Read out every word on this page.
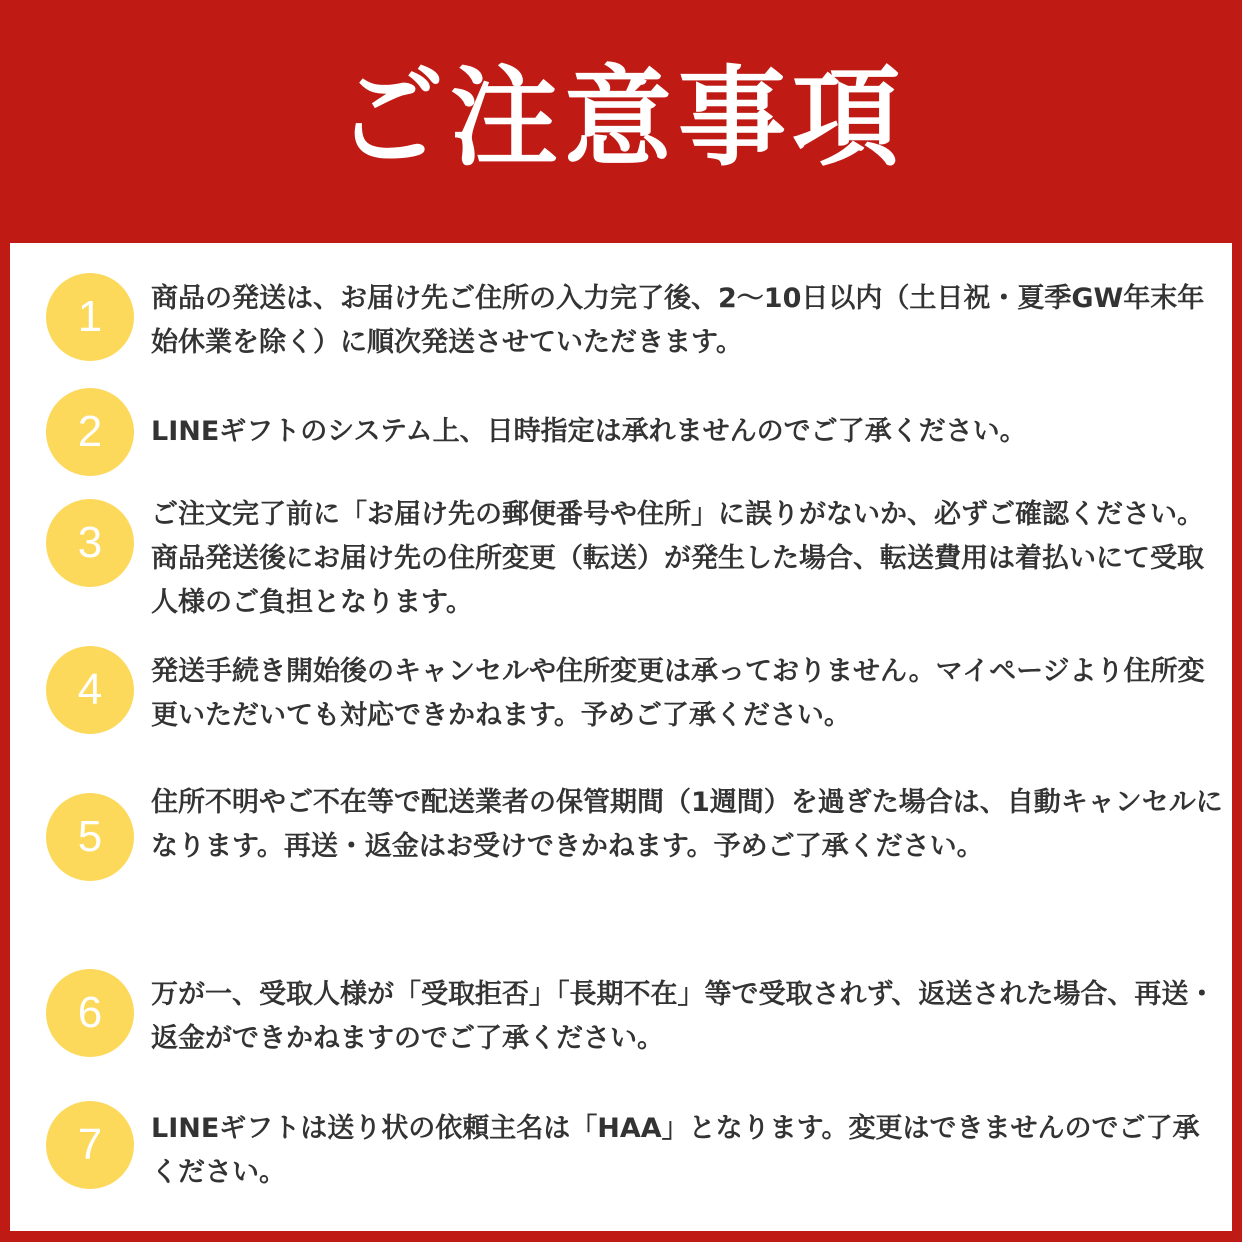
ご注意事項
1	商品の発送は、お届け先ご住所の入力完了後、2〜10日以内（土日祝・夏季GW年末年始休業を除く）に順次発送させていただきます。
2	LINEギフトのシステム上、日時指定は承れませんのでご了承ください。
3
ご注文完了前に「お届け先の郵便番号や住所」に誤りがないか、必ずご確認ください。商品発送後にお届け先の住所変更（転送）が発生した場合、転送費用は着払いにて受取人様のご負担となります。
4	発送手続き開始後のキャンセルや住所変更は承っておりません。マイページより住所変更いただいても対応できかねます。予めご了承ください。
5
住所不明やご不在等で配送業者の保管期間（1週間）を過ぎた場合は、自動キャンセルになります。再送・返金はお受けできかねます。予めご了承ください。
6	万が一、受取人様が「受取拒否」「長期不在」等で受取されず、返送された場合、再送・返金ができかねますのでご了承ください。
7	LINEギフトは送り状の依頼主名は「HAA」となります。変更はできませんのでご了承ください。
